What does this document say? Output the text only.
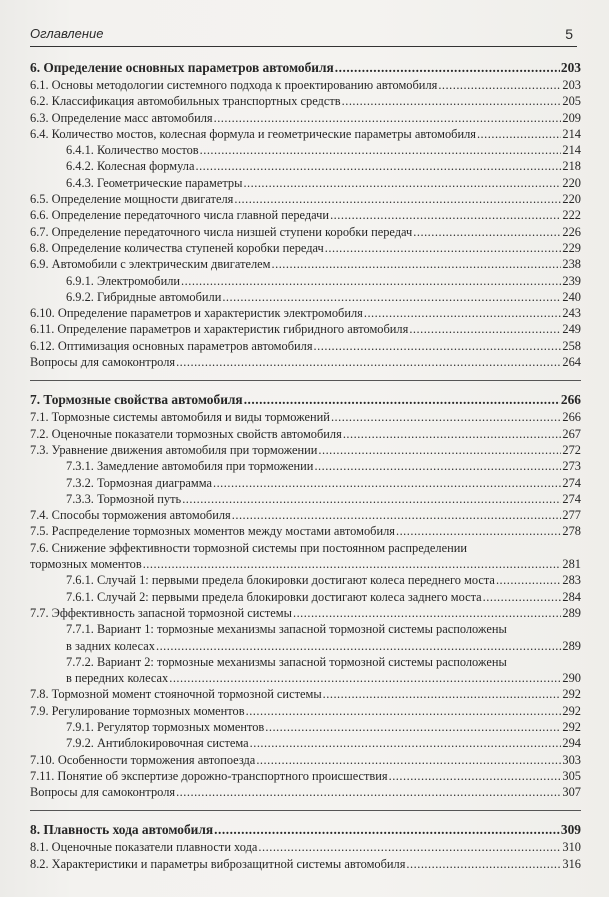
Оглавление	5
6. Определение основных параметров автомобиля .....	203
6.1. Основы методологии системного подхода к проектированию автомобиля .....	203
6.2. Классификация автомобильных транспортных средств .....	205
6.3. Определение масс автомобиля .....	209
6.4. Количество мостов, колесная формула и геометрические параметры автомобиля .....	214
6.4.1. Количество мостов .....	214
6.4.2. Колесная формула .....	218
6.4.3. Геометрические параметры .....	220
6.5. Определение мощности двигателя .....	220
6.6. Определение передаточного числа главной передачи .....	222
6.7. Определение передаточного числа низшей ступени коробки передач .....	226
6.8. Определение количества ступеней коробки передач .....	229
6.9. Автомобили с электрическим двигателем .....	238
6.9.1. Электромобили .....	239
6.9.2. Гибридные автомобили .....	240
6.10. Определение параметров и характеристик электромобиля .....	243
6.11. Определение параметров и характеристик гибридного автомобиля .....	249
6.12. Оптимизация основных параметров автомобиля .....	258
Вопросы для самоконтроля .....	264
7. Тормозные свойства автомобиля .....	266
7.1. Тормозные системы автомобиля и виды торможений .....	266
7.2. Оценочные показатели тормозных свойств автомобиля .....	267
7.3. Уравнение движения автомобиля при торможении .....	272
7.3.1. Замедление автомобиля при торможении .....	273
7.3.2. Тормозная диаграмма .....	274
7.3.3. Тормозной путь .....	274
7.4. Способы торможения автомобиля .....	277
7.5. Распределение тормозных моментов между мостами автомобиля .....	278
7.6. Снижение эффективности тормозной системы при постоянном распределении
тормозных моментов .....	281
7.6.1. Случай 1: первыми предела блокировки достигают колеса переднего моста .....	283
7.6.1. Случай 2: первыми предела блокировки достигают колеса заднего моста .....	284
7.7. Эффективность запасной тормозной системы .....	289
7.7.1. Вариант 1: тормозные механизмы запасной тормозной системы расположены
в задних колесах .....	289
7.7.2. Вариант 2: тормозные механизмы запасной тормозной системы расположены
в передних колесах .....	290
7.8. Тормозной момент стояночной тормозной системы .....	292
7.9. Регулирование тормозных моментов .....	292
7.9.1. Регулятор тормозных моментов .....	292
7.9.2. Антиблокировочная система .....	294
7.10. Особенности торможения автопоезда .....	303
7.11. Понятие об экспертизе дорожно-транспортного происшествия .....	305
Вопросы для самоконтроля .....	307
8. Плавность хода автомобиля .....	309
8.1. Оценочные показатели плавности хода .....	310
8.2. Характеристики и параметры виброзащитной системы автомобиля .....	316
